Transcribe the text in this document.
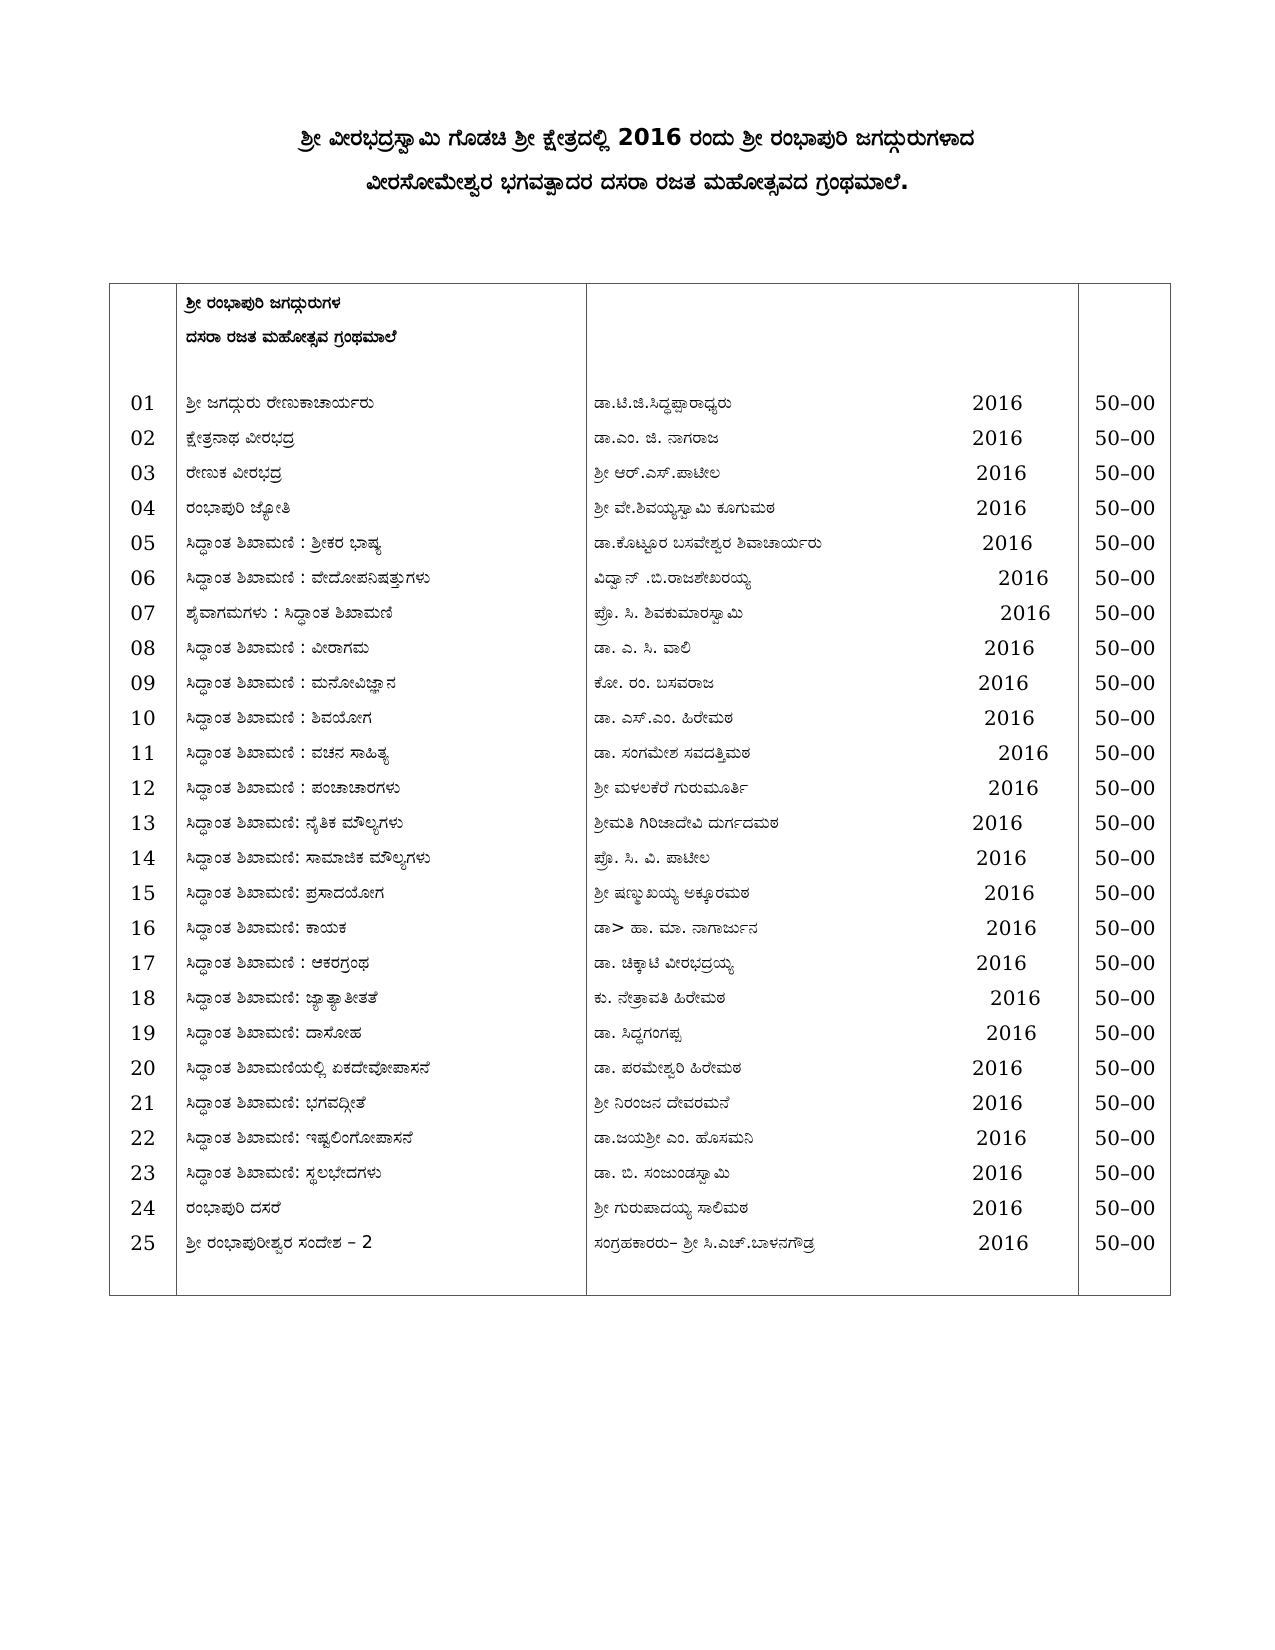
ಶ್ರೀ ವೀರಭದ್ರಸ್ವಾಮಿ ಗೊಡಚಿ ಶ್ರೀ ಕ್ಷೇತ್ರದಲ್ಲಿ 2016 ರಂದು ಶ್ರೀ ರಂಭಾಪುರಿ ಜಗದ್ಗುರುಗಳಾದ
ವೀರಸೋಮೇಶ್ವರ ಭಗವತ್ಪಾದರ ದಸರಾ ರಜತ ಮಹೋತ್ಸವದ ಗ್ರಂಥಮಾಲೆ.
ಶ್ರೀ ರಂಭಾಪುರಿ ಜಗದ್ಗುರುಗಳ
ದಸರಾ ರಜತ ಮಹೋತ್ಸವ ಗ್ರಂಥಮಾಲೆ
01	ಶ್ರೀ ಜಗದ್ಗುರು ರೇಣುಕಾಚಾರ್ಯರು	ಡಾ.ಟಿ.ಜಿ.ಸಿದ್ಧಪ್ಪಾರಾಧ್ಯರು	2016	50–00
02	ಕ್ಷೇತ್ರನಾಥ ವೀರಭದ್ರ	ಡಾ.ಎಂ. ಜಿ. ನಾಗರಾಜ	2016	50–00
03	ರೇಣುಕ ವೀರಭದ್ರ	ಶ್ರೀ ಆರ್.ಎಸ್.ಪಾಟೀಲ	2016	50–00
04	ರಂಭಾಪುರಿ ಜ್ಯೋತಿ	ಶ್ರೀ ವೇ.ಶಿವಯ್ಯಸ್ವಾಮಿ ಕೂಗುಮಠ	2016	50–00
05	ಸಿದ್ಧಾಂತ ಶಿಖಾಮಣಿ : ಶ್ರೀಕರ ಭಾಷ್ಯ	ಡಾ.ಕೊಟ್ಟೂರ ಬಸವೇಶ್ವರ ಶಿವಾಚಾರ್ಯರು	2016	50–00
06	ಸಿದ್ಧಾಂತ ಶಿಖಾಮಣಿ : ವೇದೋಪನಿಷತ್ತುಗಳು	ವಿದ್ವಾನ್ .ಬಿ.ರಾಜಶೇಖರಯ್ಯ	2016	50–00
07	ಶೈವಾಗಮಗಳು : ಸಿದ್ಧಾಂತ ಶಿಖಾಮಣಿ	ಪ್ರೊ. ಸಿ. ಶಿವಕುಮಾರಸ್ವಾಮಿ	2016	50–00
08	ಸಿದ್ಧಾಂತ ಶಿಖಾಮಣಿ : ವೀರಾಗಮ	ಡಾ. ಎ. ಸಿ. ವಾಲಿ	2016	50–00
09	ಸಿದ್ಧಾಂತ ಶಿಖಾಮಣಿ : ಮನೋವಿಜ್ಞಾನ	ಕೋ. ರಂ. ಬಸವರಾಜ	2016	50–00
10	ಸಿದ್ಧಾಂತ ಶಿಖಾಮಣಿ : ಶಿವಯೋಗ	ಡಾ. ಎಸ್.ಎಂ. ಹಿರೇಮಠ	2016	50–00
11	ಸಿದ್ಧಾಂತ ಶಿಖಾಮಣಿ : ವಚನ ಸಾಹಿತ್ಯ	ಡಾ. ಸಂಗಮೇಶ ಸವದತ್ತಿಮಠ	2016	50–00
12	ಸಿದ್ಧಾಂತ ಶಿಖಾಮಣಿ : ಪಂಚಾಚಾರಗಳು	ಶ್ರೀ ಮಳಲಕೆರೆ ಗುರುಮೂರ್ತಿ	2016	50–00
13	ಸಿದ್ಧಾಂತ ಶಿಖಾಮಣಿ: ನೈತಿಕ ಮೌಲ್ಯಗಳು	ಶ್ರೀಮತಿ ಗಿರಿಜಾದೇವಿ ದುರ್ಗದಮಠ	2016	50–00
14	ಸಿದ್ಧಾಂತ ಶಿಖಾಮಣಿ: ಸಾಮಾಜಿಕ ಮೌಲ್ಯಗಳು	ಪ್ರೊ. ಸಿ. ವಿ. ಪಾಟೀಲ	2016	50–00
15	ಸಿದ್ಧಾಂತ ಶಿಖಾಮಣಿ: ಪ್ರಸಾದಯೋಗ	ಶ್ರೀ ಷಣ್ಮುಖಯ್ಯ ಅಕ್ಕೂರಮಠ	2016	50–00
16	ಸಿದ್ಧಾಂತ ಶಿಖಾಮಣಿ: ಕಾಯಕ	ಡಾ> ಹಾ. ಮಾ. ನಾಗಾರ್ಜುನ	2016	50–00
17	ಸಿದ್ಧಾಂತ ಶಿಖಾಮಣಿ : ಆಕರಗ್ರಂಥ	ಡಾ. ಚಿಕ್ಕಾಟಿ ವೀರಭದ್ರಯ್ಯ	2016	50–00
18	ಸಿದ್ಧಾಂತ ಶಿಖಾಮಣಿ: ಜ್ಯಾತ್ಯಾತೀತತೆ	ಕು. ನೇತ್ರಾವತಿ ಹಿರೇಮಠ	2016	50–00
19	ಸಿದ್ಧಾಂತ ಶಿಖಾಮಣಿ: ದಾಸೋಹ	ಡಾ. ಸಿದ್ಧಗಂಗಪ್ಪ	2016	50–00
20	ಸಿದ್ಧಾಂತ ಶಿಖಾಮಣಿಯಲ್ಲಿ ಏಕದೇವೋಪಾಸನೆ	ಡಾ. ಪರಮೇಶ್ವರಿ ಹಿರೇಮಠ	2016	50–00
21	ಸಿದ್ಧಾಂತ ಶಿಖಾಮಣಿ: ಭಗವದ್ಗೀತೆ	ಶ್ರೀ ನಿರಂಜನ ದೇವರಮನೆ	2016	50–00
22	ಸಿದ್ಧಾಂತ ಶಿಖಾಮಣಿ: ಇಷ್ಟಲಿಂಗೋಪಾಸನೆ	ಡಾ.ಜಯಶ್ರೀ ಎಂ. ಹೊಸಮನಿ	2016	50–00
23	ಸಿದ್ಧಾಂತ ಶಿಖಾಮಣಿ: ಸ್ಥಲಭೇದಗಳು	ಡಾ. ಬಿ. ಸಂಜುಂಡಸ್ವಾಮಿ	2016	50–00
24	ರಂಭಾಪುರಿ ದಸರೆ	ಶ್ರೀ ಗುರುಪಾದಯ್ಯ ಸಾಲಿಮಠ	2016	50–00
25	ಶ್ರೀ ರಂಭಾಪುರೀಶ್ವರ ಸಂದೇಶ – 2	ಸಂಗ್ರಹಕಾರರು– ಶ್ರೀ ಸಿ.ಎಚ್.ಬಾಳನಗೌಡ್ರ	2016	50–00
